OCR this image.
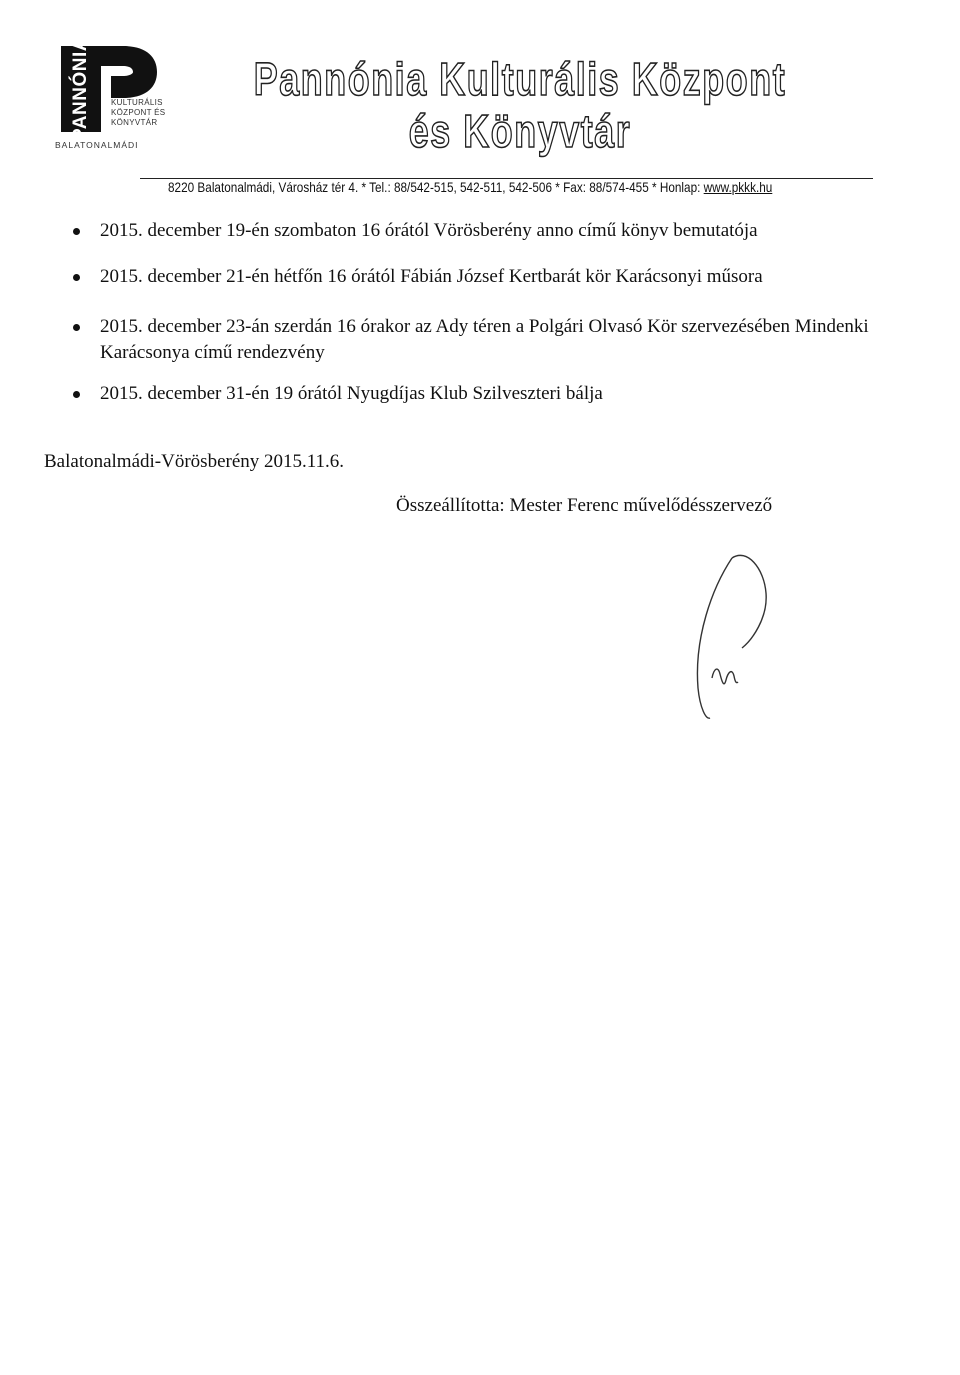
PANNÓNIA	KULTURÁLIS
KÖZPONT ÉS
KÖNYVTÁR
BALATONALMÁDI
Pannónia Kulturális Központ
és Könyvtár
8220 Balatonalmádi, Városház tér 4. * Tel.: 88/542-515, 542-511, 542-506 * Fax: 88/574-455 * Honlap: www.pkkk.hu
2015. december 19-én szombaton 16 órától Vörösberény anno című könyv bemutatója
2015. december 21-én hétfőn 16 órától Fábián József Kertbarát kör Karácsonyi műsora
2015. december 23-án szerdán 16 órakor az Ady téren a Polgári Olvasó Kör szervezésében Mindenki
Karácsonya című rendezvény
2015. december 31-én 19 órától Nyugdíjas Klub Szilveszteri bálja
Balatonalmádi-Vörösberény 2015.11.6.
Összeállította: Mester Ferenc művelődésszervező
